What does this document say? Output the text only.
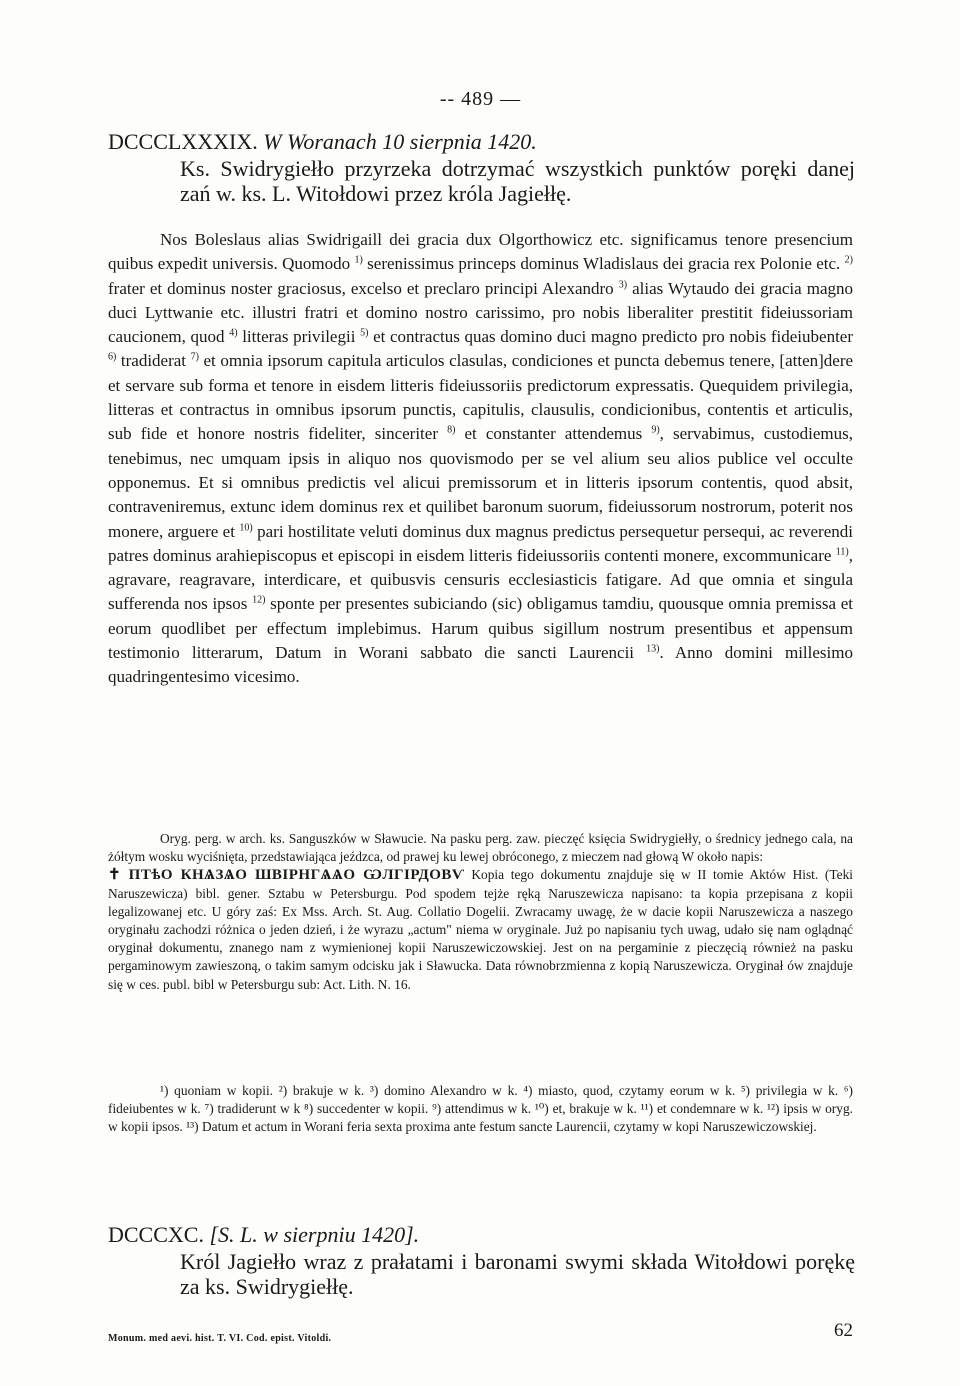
-- 489 —
DCCCLXXXIX. W Woranach 10 sierpnia 1420.
Ks. Swidrygiełło przyrzeka dotrzymać wszystkich punktów poręki danej zań w. ks. L. Witołdowi przez króla Jagiełłę.
Nos Boleslaus alias Swidrigaill dei gracia dux Olgorthowicz etc. significamus tenore presencium quibus expedit universis. Quomodo $^{1)}$ serenissimus princeps dominus Wladislaus dei gracia rex Polonie etc. $^{2)}$ frater et dominus noster graciosus, excelso et preclaro principi Alexandro $^{3)}$ alias Wytaudo dei gracia magno duci Lyttwanie etc. illustri fratri et domino nostro carissimo, pro nobis liberaliter prestitit fideiussoriam caucionem, quod $^{4)}$ litteras privilegii $^{5)}$ et contractus quas domino duci magno predicto pro nobis fideiubenter $^{6)}$ tradiderat $^{7)}$ et omnia ipsorum capitula articulos clasulas, condiciones et puncta debemus tenere, [atten]dere et servare sub forma et tenore in eisdem litteris fideiussoriis predictorum expressatis. Quequidem privilegia, litteras et contractus in omnibus ipsorum punctis, capitulis, clausulis, condicionibus, contentis et articulis, sub fide et honore nostris fideliter, sinceriter $^{8)}$ et constanter attendemus $^{9)}$, servabimus, custodiemus, tenebimus, nec umquam ipsis in aliquo nos quovismodo per se vel alium seu alios publice vel occulte opponemus. Et si omnibus predictis vel alicui premissorum et in litteris ipsorum contentis, quod absit, contraveniremus, extunc idem dominus rex et quilibet baronum suorum, fideiussorum nostrorum, poterit nos monere, arguere et $^{10)}$ pari hostilitate veluti dominus dux magnus predictus persequetur persequi, ac reverendi patres dominus arahiepiscopus et episcopi in eisdem litteris fideiussoriis contenti monere, excommunicare $^{11)}$, agravare, reagravare, interdicare, et quibusvis censuris ecclesiasticis fatigare. Ad que omnia et singula sufferenda nos ipsos $^{12)}$ sponte per presentes subiciando (sic) obligamus tamdiu, quousque omnia premissa et eorum quodlibet per effectum implebimus. Harum quibus sigillum nostrum presentibus et appensum testimonio litterarum, Datum in Worani sabbato die sancti Laurencii $^{13)}$. Anno domini millesimo quadringentesimo vicesimo.
Oryg. perg. w arch. ks. Sanguszków w Sławucie. Na pasku perg. zaw. pieczęć księcia Swidrygiełły, o średnicy jednego cala, na żółtym wosku wyciśnięta, przedstawiająca jeźdzca, od prawej ku lewej obróconego, z mieczem nad głową W około napis:
✝ ПТѣО КНѦЗѦО ШВІРНГѦѦО ѠЛГІРДОВѴ Kopia tego dokumentu znajduje się w II tomie Aktów Hist. (Teki Naruszewicza) bibl. gener. Sztabu w Petersburgu. Pod spodem tejże ręką Naruszewicza napisano: ta kopia przepisana z kopii legalizowanej etc. U góry zaś: Ex Mss. Arch. St. Aug. Collatio Dogelii. Zwracamy uwagę, że w dacie kopii Naruszewicza a naszego oryginału zachodzi różnica o jeden dzień, i że wyrazu „actum" niema w oryginale. Już po napisaniu tych uwag, udało się nam oglądnąć oryginał dokumentu, znanego nam z wymienionej kopii Naruszewiczowskiej. Jest on na pergaminie z pieczęcią również na pasku pergaminowym zawieszoną, o takim samym odcisku jak i Sławucka. Data równobrzmienna z kopią Naruszewicza. Oryginał ów znajduje się w ces. publ. bibl w Petersburgu sub: Act. Lith. N. 16.
¹) quoniam w kopii. ²) brakuje w k. ³) domino Alexandro w k. ⁴) miasto, quod, czytamy eorum w k. ⁵) privilegia w k. ⁶) fideiubentes w k. ⁷) tradiderunt w k ⁸) succedenter w kopii. ⁹) attendimus w k. ¹⁰) et, brakuje w k. ¹¹) et condemnare w k. ¹²) ipsis w oryg. w kopii ipsos. ¹³) Datum et actum in Worani feria sexta proxima ante festum sancte Laurencii, czytamy w kopi Naruszewiczowskiej.
DCCCXC. [S. L. w sierpniu 1420].
Król Jagiełło wraz z prałatami i baronami swymi składa Witołdowi porękę za ks. Swidrygiełłę.
Monum. med aevi. hist. T. VI. Cod. epist. Vitoldi.	62
